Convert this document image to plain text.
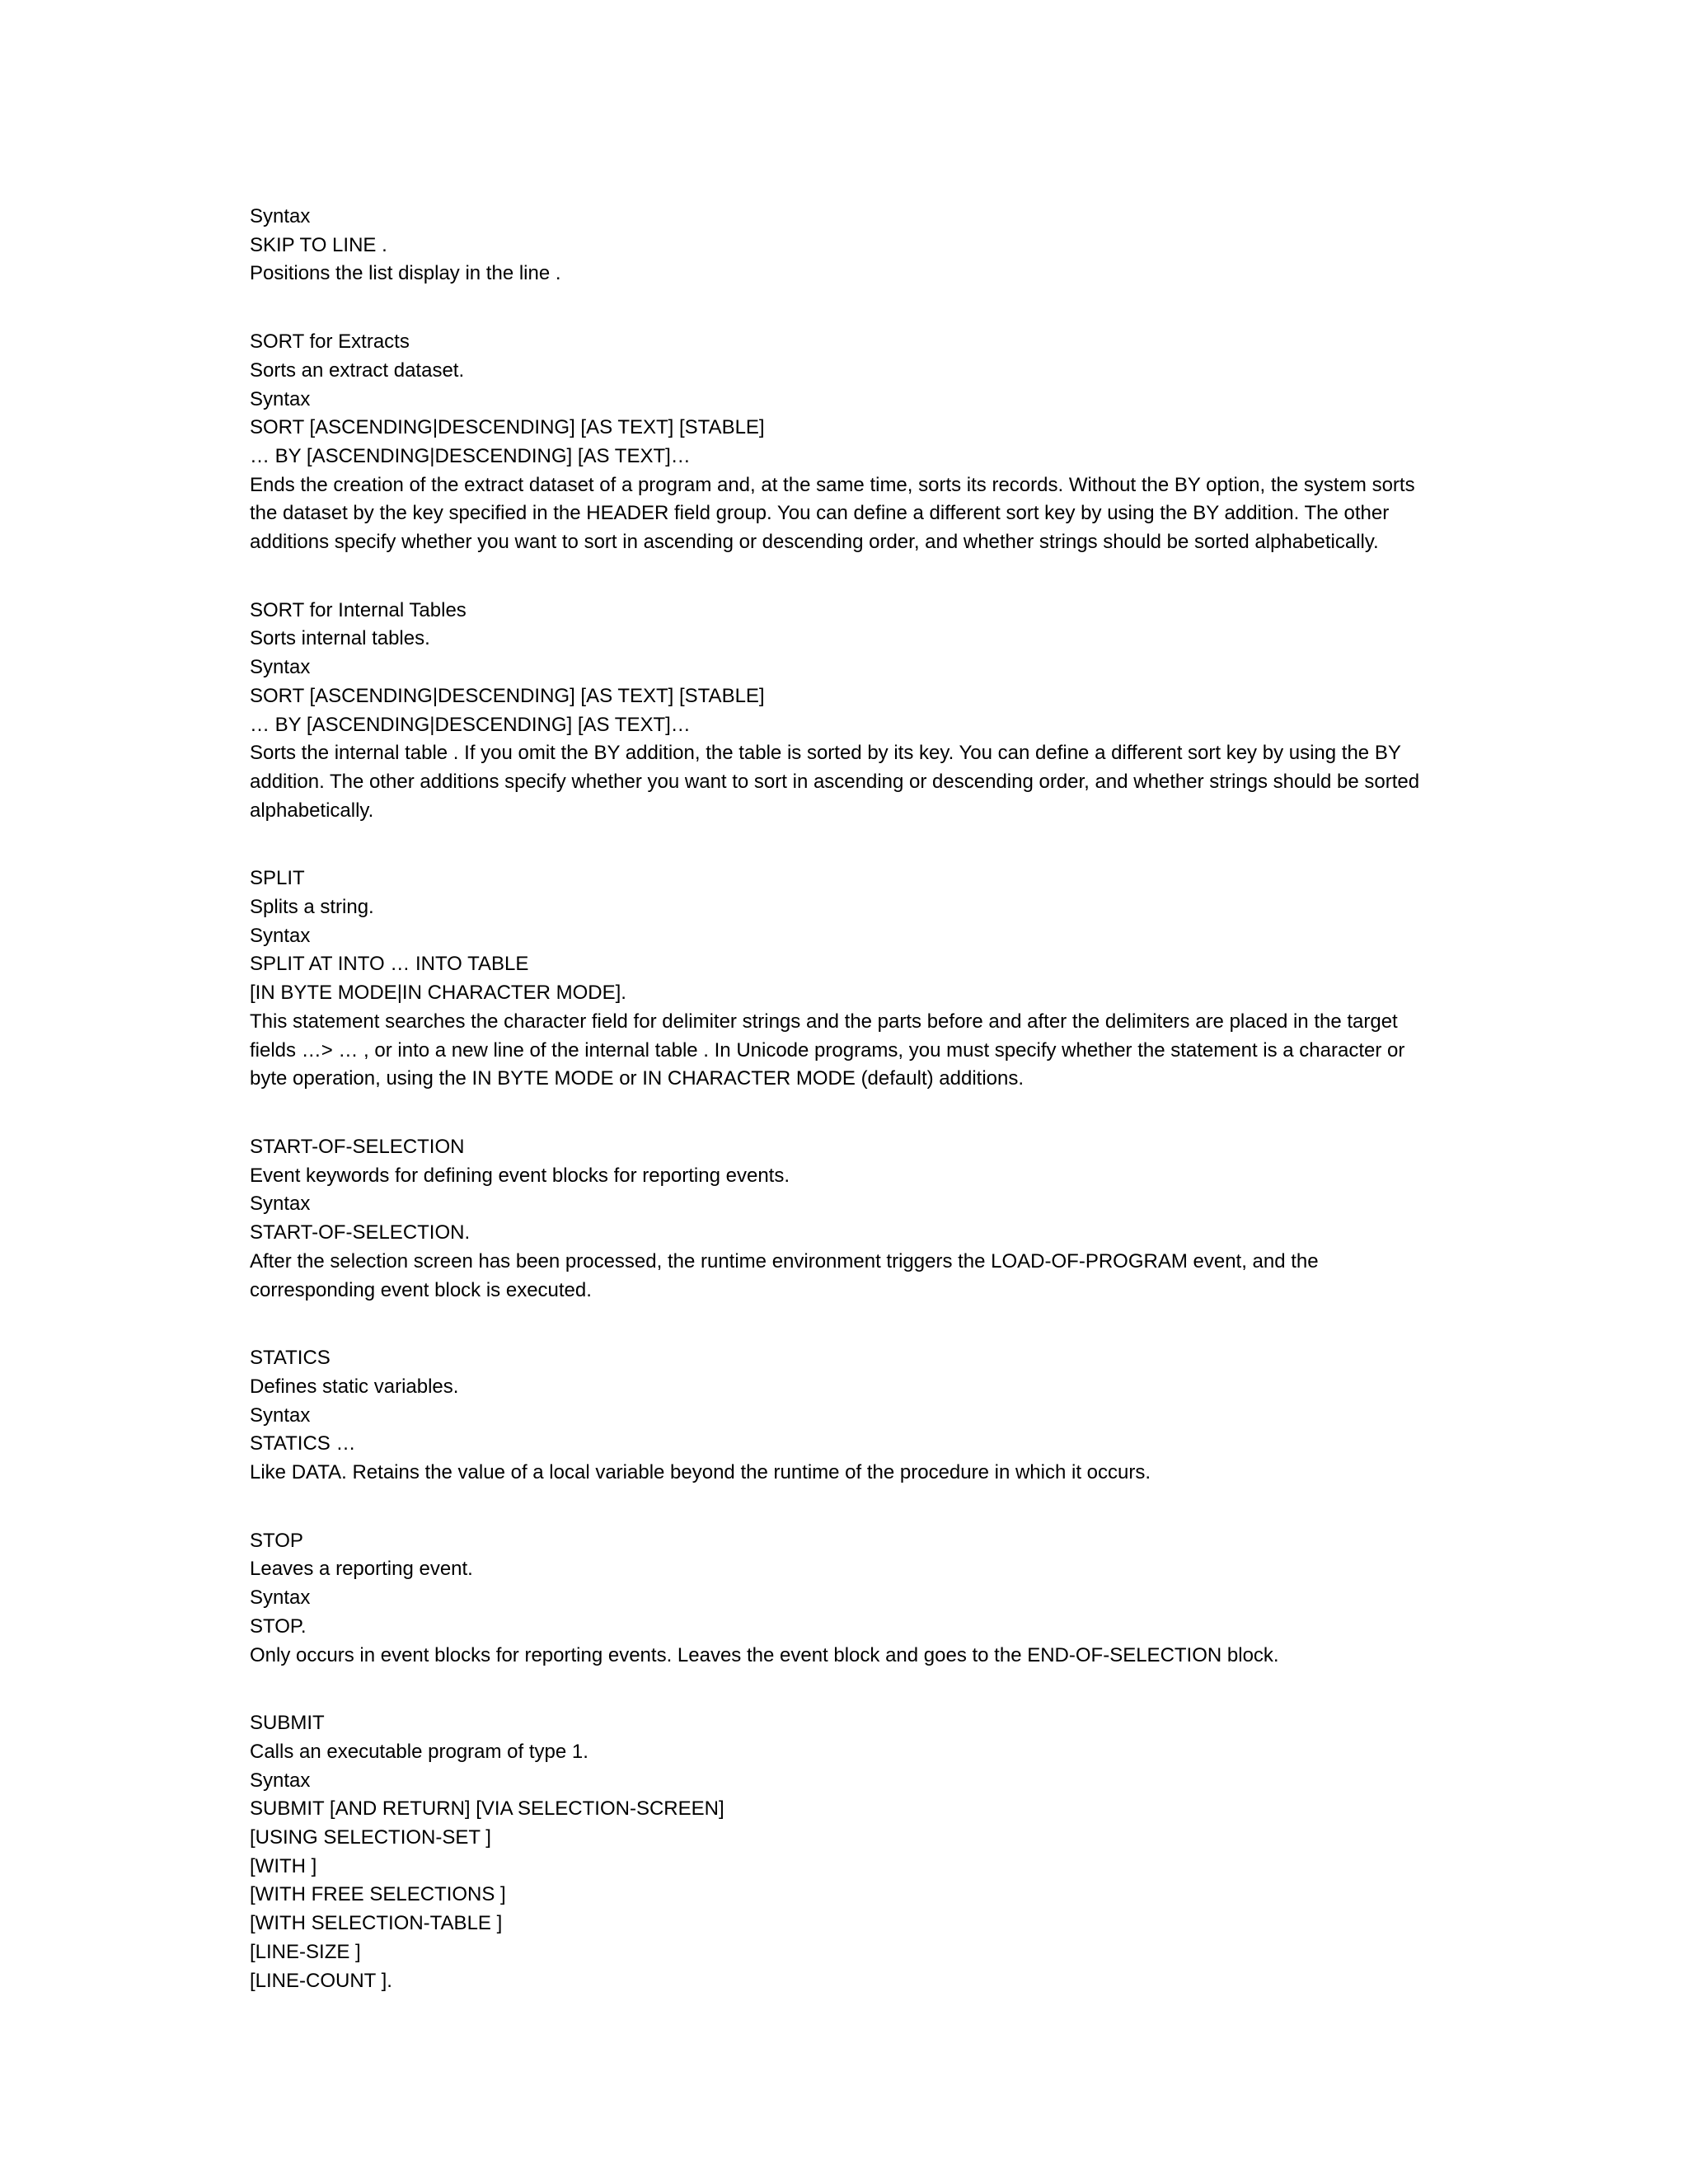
Syntax
SKIP TO LINE .
Positions the list display in the line .
SORT for Extracts
Sorts an extract dataset.
Syntax
SORT [ASCENDING|DESCENDING] [AS TEXT] [STABLE]
… BY [ASCENDING|DESCENDING] [AS TEXT]…

Ends the creation of the extract dataset of a program and, at the same time, sorts its records. Without the BY option, the system sorts the dataset by the key specified in the HEADER field group. You can define a different sort key by using the BY addition. The other additions specify whether you want to sort in ascending or descending order, and whether strings should be sorted alphabetically.

SORT for Internal Tables
Sorts internal tables.
Syntax
SORT [ASCENDING|DESCENDING] [AS TEXT] [STABLE]
… BY [ASCENDING|DESCENDING] [AS TEXT]…

Sorts the internal table . If you omit the BY addition, the table is sorted by its key. You can define a different sort key by using the BY addition. The other additions specify whether you want to sort in ascending or descending order, and whether strings should be sorted alphabetically.

SPLIT
Splits a string.
Syntax
SPLIT AT INTO … INTO TABLE
[IN BYTE MODE|IN CHARACTER MODE].

This statement searches the character field for delimiter strings and the parts before and after the delimiters are placed in the target fields …> … , or into a new line of the internal table . In Unicode programs, you must specify whether the statement is a character or byte operation, using the IN BYTE MODE or IN CHARACTER MODE (default) additions.

START-OF-SELECTION
Event keywords for defining event blocks for reporting events.
Syntax
START-OF-SELECTION.

After the selection screen has been processed, the runtime environment triggers the LOAD-OF-PROGRAM event, and the corresponding event block is executed.

STATICS
Defines static variables.
Syntax
STATICS …

Like DATA. Retains the value of a local variable beyond the runtime of the procedure in which it occurs.

STOP
Leaves a reporting event.
Syntax
STOP.

Only occurs in event blocks for reporting events. Leaves the event block and goes to the END-OF-SELECTION block.

SUBMIT
Calls an executable program of type 1.
Syntax
SUBMIT [AND RETURN] [VIA SELECTION-SCREEN]
[USING SELECTION-SET ]
[WITH ]
[WITH FREE SELECTIONS ]
[WITH SELECTION-TABLE ]
[LINE-SIZE ]
[LINE-COUNT ].
